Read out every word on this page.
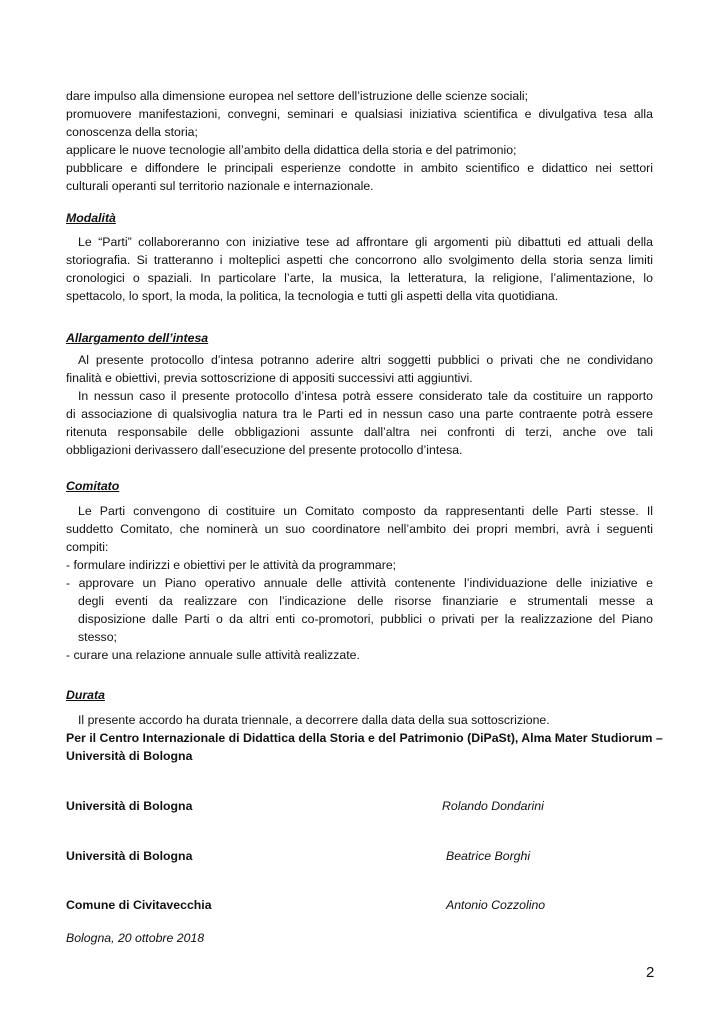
dare impulso alla dimensione europea nel settore dell’istruzione delle scienze sociali;
promuovere manifestazioni, convegni, seminari e qualsiasi iniziativa scientifica e divulgativa tesa alla
conoscenza della storia;
applicare le nuove tecnologie all’ambito della didattica della storia e del patrimonio;
pubblicare e diffondere le principali esperienze condotte in ambito scientifico e didattico nei settori
culturali operanti sul territorio nazionale e internazionale.
Modalità
Le “Parti” collaboreranno con iniziative tese ad affrontare gli argomenti più dibattuti ed attuali della
storiografia. Si tratteranno i molteplici aspetti che concorrono allo svolgimento della storia senza limiti
cronologici o spaziali. In particolare l’arte, la musica, la letteratura, la religione, l’alimentazione, lo
spettacolo, lo sport, la moda, la politica, la tecnologia e tutti gli aspetti della vita quotidiana.
Allargamento dell’intesa
Al presente protocollo d’intesa potranno aderire altri soggetti pubblici o privati che ne condividano
finalità e obiettivi, previa sottoscrizione di appositi successivi atti aggiuntivi.
In nessun caso il presente protocollo d’intesa potrà essere considerato tale da costituire un rapporto
di associazione di qualsivoglia natura tra le Parti ed in nessun caso una parte contraente potrà essere
ritenuta responsabile delle obbligazioni assunte dall’altra nei confronti di terzi, anche ove tali
obbligazioni derivassero dall’esecuzione del presente protocollo d’intesa.
Comitato
Le Parti convengono di costituire un Comitato composto da rappresentanti delle Parti stesse. Il
suddetto Comitato, che nominerà un suo coordinatore nell’ambito dei propri membri, avrà i seguenti
compiti:
- formulare indirizzi e obiettivi per le attività da programmare;
- approvare un Piano operativo annuale delle attività contenente l’individuazione delle iniziative e
degli eventi da realizzare con l’indicazione delle risorse finanziarie e strumentali messe a
disposizione dalle Parti o da altri enti co-promotori, pubblici o privati per la realizzazione del Piano
stesso;
- curare una relazione annuale sulle attività realizzate.
Durata
Il presente accordo ha durata triennale, a decorrere dalla data della sua sottoscrizione.
Per il Centro Internazionale di Didattica della Storia e del Patrimonio (DiPaSt), Alma Mater Studiorum –
Università di Bologna
Università di Bologna	Rolando Dondarini
Università di Bologna	Beatrice Borghi
Comune di Civitavecchia	Antonio Cozzolino
Bologna, 20 ottobre 2018
2
